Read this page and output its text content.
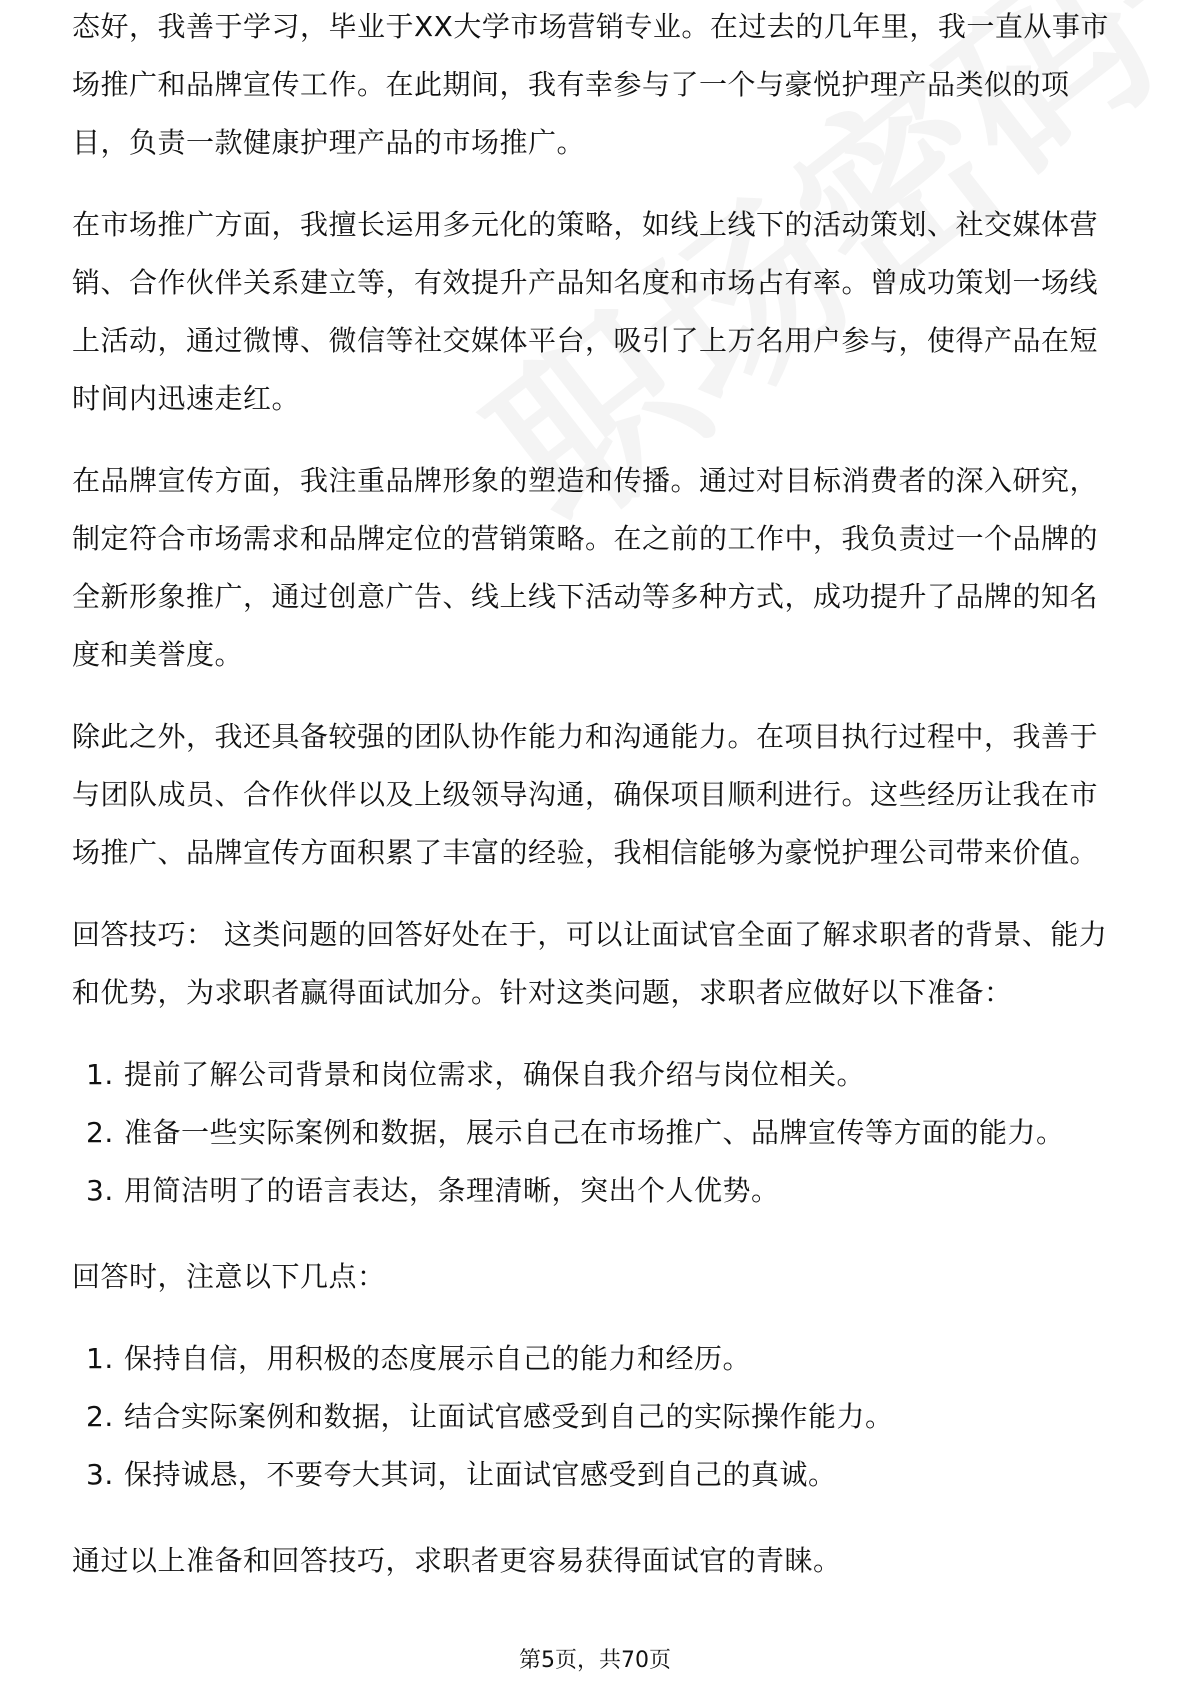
态好，我善于学习，毕业于XX大学市场营销专业。在过去的几年里，我一直从事市场推广和品牌宣传工作。在此期间，我有幸参与了一个与豪悦护理产品类似的项目，负责一款健康护理产品的市场推广。

在市场推广方面，我擅长运用多元化的策略，如线上线下的活动策划、社交媒体营销、合作伙伴关系建立等，有效提升产品知名度和市场占有率。曾成功策划一场线上活动，通过微博、微信等社交媒体平台，吸引了上万名用户参与，使得产品在短时间内迅速走红。

在品牌宣传方面，我注重品牌形象的塑造和传播。通过对目标消费者的深入研究，制定符合市场需求和品牌定位的营销策略。在之前的工作中，我负责过一个品牌的全新形象推广，通过创意广告、线上线下活动等多种方式，成功提升了品牌的知名度和美誉度。

除此之外，我还具备较强的团队协作能力和沟通能力。在项目执行过程中，我善于与团队成员、合作伙伴以及上级领导沟通，确保项目顺利进行。这些经历让我在市场推广、品牌宣传方面积累了丰富的经验，我相信能够为豪悦护理公司带来价值。

回答技巧： 这类问题的回答好处在于，可以让面试官全面了解求职者的背景、能力和优势，为求职者赢得面试加分。针对这类问题，求职者应做好以下准备：

1. 提前了解公司背景和岗位需求，确保自我介绍与岗位相关。
2. 准备一些实际案例和数据，展示自己在市场推广、品牌宣传等方面的能力。
3. 用简洁明了的语言表达，条理清晰，突出个人优势。

回答时，注意以下几点：

1. 保持自信，用积极的态度展示自己的能力和经历。
2. 结合实际案例和数据，让面试官感受到自己的实际操作能力。
3. 保持诚恳，不要夸大其词，让面试官感受到自己的真诚。

通过以上准备和回答技巧，求职者更容易获得面试官的青睐。

第5页，共70页
